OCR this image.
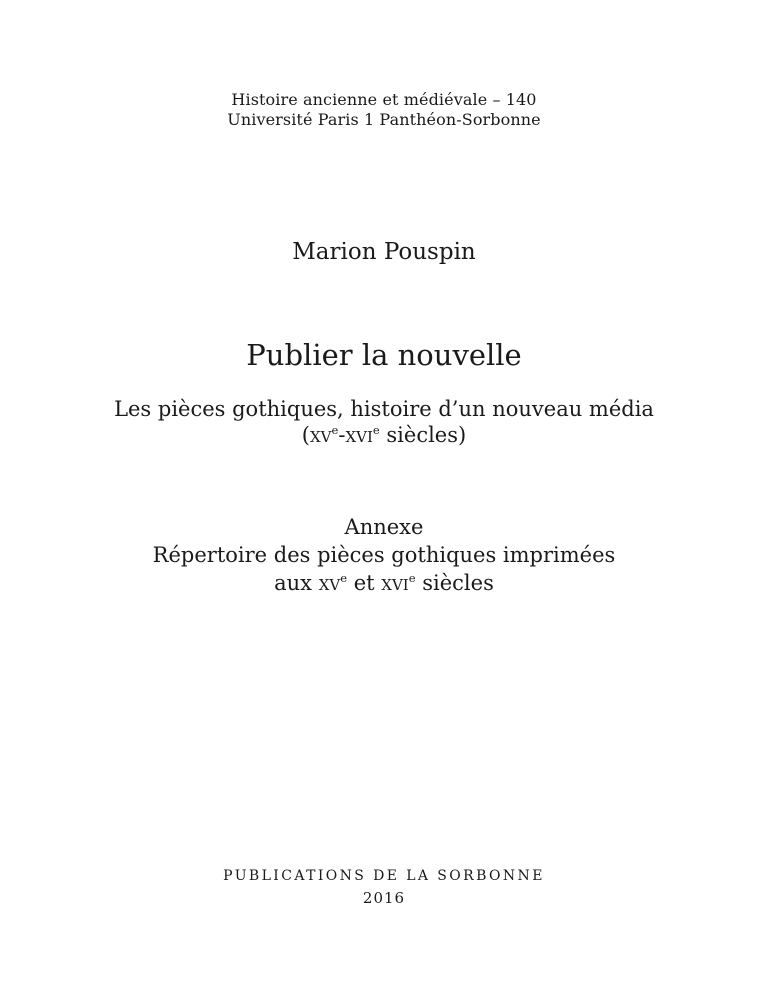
Histoire ancienne et médiévale – 140
Université Paris 1 Panthéon-Sorbonne
Marion Pouspin
Publier la nouvelle
Les pièces gothiques, histoire d’un nouveau média
($xv^e-xvi^e$ siècles)
Annexe
Répertoire des pièces gothiques imprimées
aux $xv^e$ et xvi$^e$ siècles
PUBLICATIONS DE LA SORBONNE
2016
